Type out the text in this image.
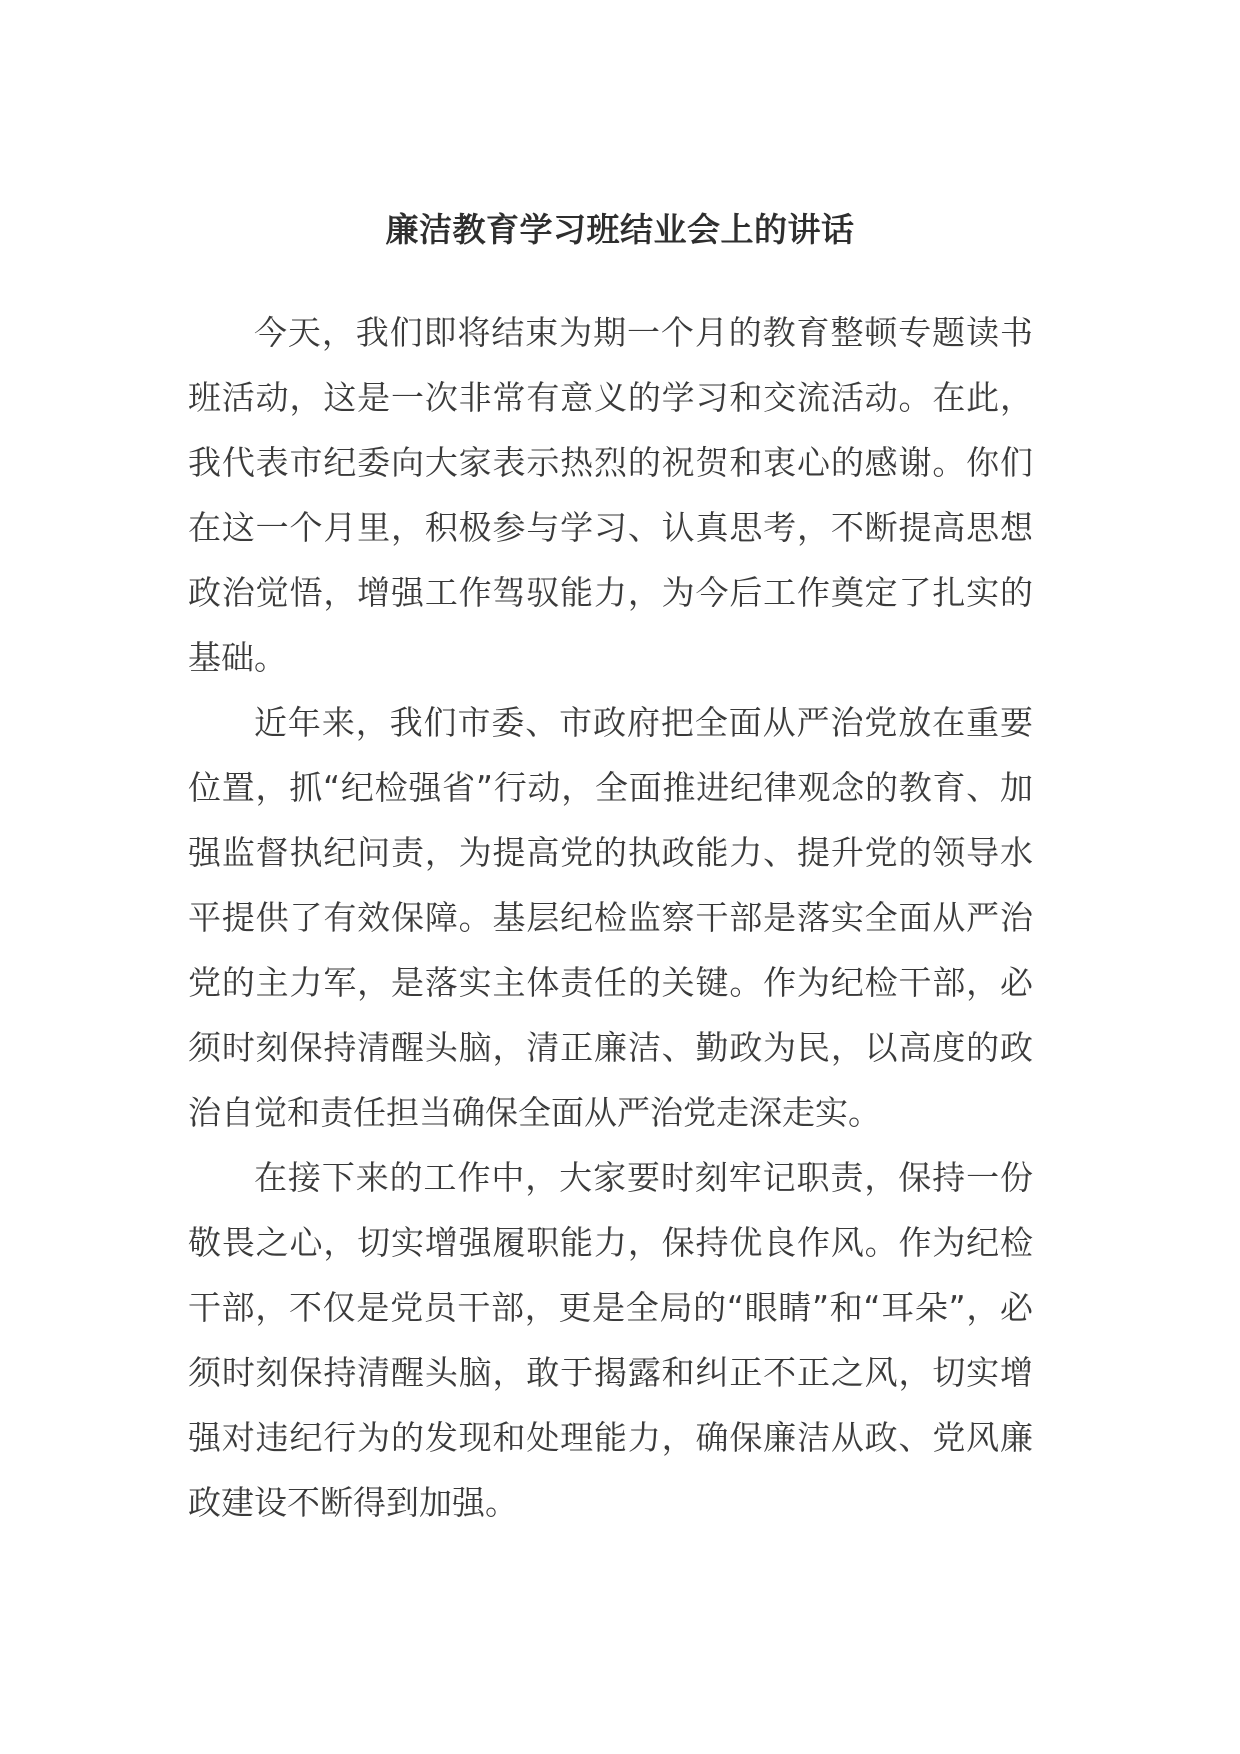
廉洁教育学习班结业会上的讲话

今天，我们即将结束为期一个月的教育整顿专题读书班活动，这是一次非常有意义的学习和交流活动。在此，我代表市纪委向大家表示热烈的祝贺和衷心的感谢。你们在这一个月里，积极参与学习、认真思考，不断提高思想政治觉悟，增强工作驾驭能力，为今后工作奠定了扎实的基础。

近年来，我们市委、市政府把全面从严治党放在重要位置，抓“纪检强省”行动，全面推进纪律观念的教育、加强监督执纪问责，为提高党的执政能力、提升党的领导水平提供了有效保障。基层纪检监察干部是落实全面从严治党的主力军，是落实主体责任的关键。作为纪检干部，必须时刻保持清醒头脑，清正廉洁、勤政为民，以高度的政治自觉和责任担当确保全面从严治党走深走实。

在接下来的工作中，大家要时刻牢记职责，保持一份敬畏之心，切实增强履职能力，保持优良作风。作为纪检干部，不仅是党员干部，更是全局的“眼睛”和“耳朵”，必须时刻保持清醒头脑，敢于揭露和纠正不正之风，切实增强对违纪行为的发现和处理能力，确保廉洁从政、党风廉政建设不断得到加强。
